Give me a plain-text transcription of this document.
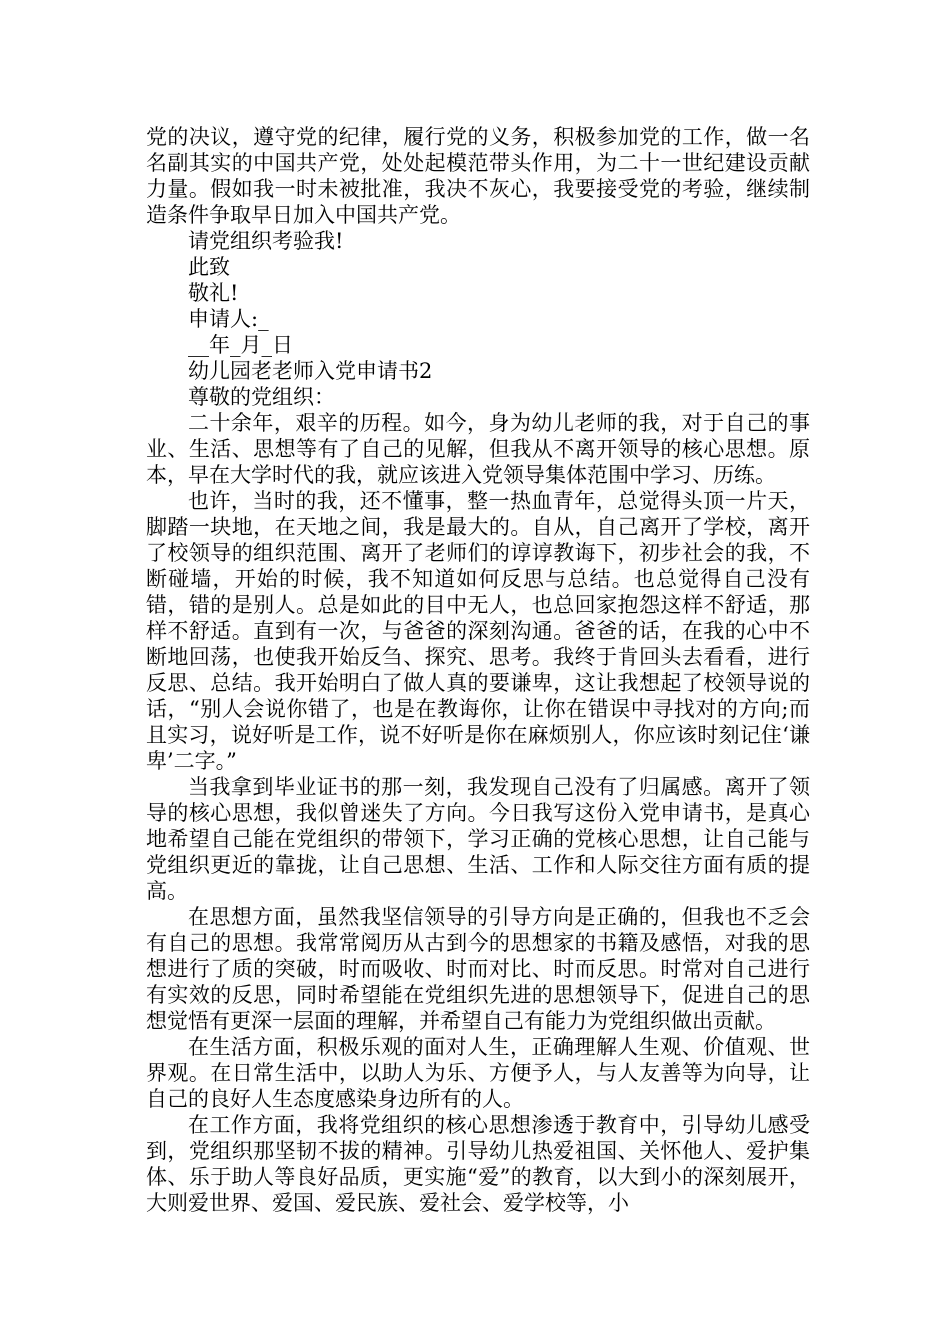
党的决议，遵守党的纪律，履行党的义务，积极参加党的工作，做一名名副其实的中国共产党，处处起模范带头作用，为二十一世纪建设贡献力量。假如我一时未被批准，我决不灰心，我要接受党的考验，继续制造条件争取早日加入中国共产党。

请党组织考验我!

此致

敬礼!

申请人:_

__年_月_日

幼儿园老老师入党申请书2

尊敬的党组织：

二十余年，艰辛的历程。如今，身为幼儿老师的我，对于自己的事业、生活、思想等有了自己的见解，但我从不离开领导的核心思想。原本，早在大学时代的我，就应该进入党领导集体范围中学习、历练。

也许，当时的我，还不懂事，整一热血青年，总觉得头顶一片天，脚踏一块地，在天地之间，我是最大的。自从，自己离开了学校，离开了校领导的组织范围、离开了老师们的谆谆教诲下，初步社会的我，不断碰墙，开始的时候，我不知道如何反思与总结。也总觉得自己没有错，错的是别人。总是如此的目中无人，也总回家抱怨这样不舒适，那样不舒适。直到有一次，与爸爸的深刻沟通。爸爸的话，在我的心中不断地回荡，也使我开始反刍、探究、思考。我终于肯回头去看看，进行反思、总结。我开始明白了做人真的要谦卑，这让我想起了校领导说的话，“别人会说你错了，也是在教诲你，让你在错误中寻找对的方向;而且实习，说好听是工作，说不好听是你在麻烦别人，你应该时刻记住‘谦卑’二字。”

当我拿到毕业证书的那一刻，我发现自己没有了归属感。离开了领导的核心思想，我似曾迷失了方向。今日我写这份入党申请书，是真心地希望自己能在党组织的带领下，学习正确的党核心思想，让自己能与党组织更近的靠拢，让自己思想、生活、工作和人际交往方面有质的提高。

在思想方面，虽然我坚信领导的引导方向是正确的，但我也不乏会有自己的思想。我常常阅历从古到今的思想家的书籍及感悟，对我的思想进行了质的突破，时而吸收、时而对比、时而反思。时常对自己进行有实效的反思，同时希望能在党组织先进的思想领导下，促进自己的思想觉悟有更深一层面的理解，并希望自己有能力为党组织做出贡献。

在生活方面，积极乐观的面对人生，正确理解人生观、价值观、世界观。在日常生活中，以助人为乐、方便予人，与人友善等为向导，让自己的良好人生态度感染身边所有的人。

在工作方面，我将党组织的核心思想渗透于教育中，引导幼儿感受到，党组织那坚韧不拔的精神。引导幼儿热爱祖国、关怀他人、爱护集体、乐于助人等良好品质，更实施“爱”的教育，以大到小的深刻展开，大则爱世界、爱国、爱民族、爱社会、爱学校等，小
